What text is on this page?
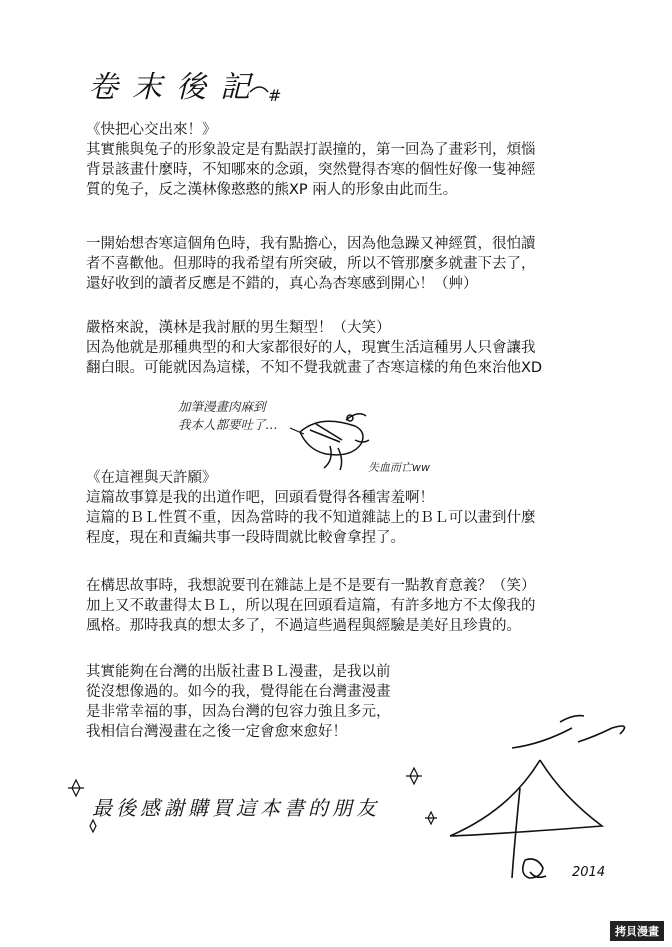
卷末後記 #

《快把心交出來！》

其實熊與兔子的形象設定是有點誤打誤撞的，第一回為了畫彩刊，煩惱

背景該畫什麼時，不知哪來的念頭，突然覺得杏寒的個性好像一隻神經

質的兔子，反之漢林像憨憨的熊XP 兩人的形象由此而生。

一開始想杏寒這個角色時，我有點擔心，因為他急躁又神經質，很怕讀

者不喜歡他。但那時的我希望有所突破，所以不管那麼多就畫下去了，

還好收到的讀者反應是不錯的，真心為杏寒感到開心！（艸）

嚴格來說，漢林是我討厭的男生類型！（大笑）

因為他就是那種典型的和大家都很好的人，現實生活這種男人只會讓我

翻白眼。可能就因為這樣，不知不覺我就畫了杏寒這樣的角色來治他XD

加筆漫畫肉麻到

我本人都要吐了…

失血而亡ww

《在這裡與天許願》

這篇故事算是我的出道作吧，回頭看覺得各種害羞啊！

這篇的ＢＬ性質不重，因為當時的我不知道雜誌上的ＢＬ可以畫到什麼

程度，現在和責編共事一段時間就比較會拿捏了。

在構思故事時，我想說要刊在雜誌上是不是要有一點教育意義？（笑）

加上又不敢畫得太ＢＬ，所以現在回頭看這篇，有許多地方不太像我的

風格。那時我真的想太多了，不過這些過程與經驗是美好且珍貴的。

其實能夠在台灣的出版社畫ＢＬ漫畫，是我以前

從沒想像過的。如今的我，覺得能在台灣畫漫畫

是非常幸福的事，因為台灣的包容力強且多元，

我相信台灣漫畫在之後一定會愈來愈好！

最後感謝購買這本書的朋友
2014
拷貝漫畫
